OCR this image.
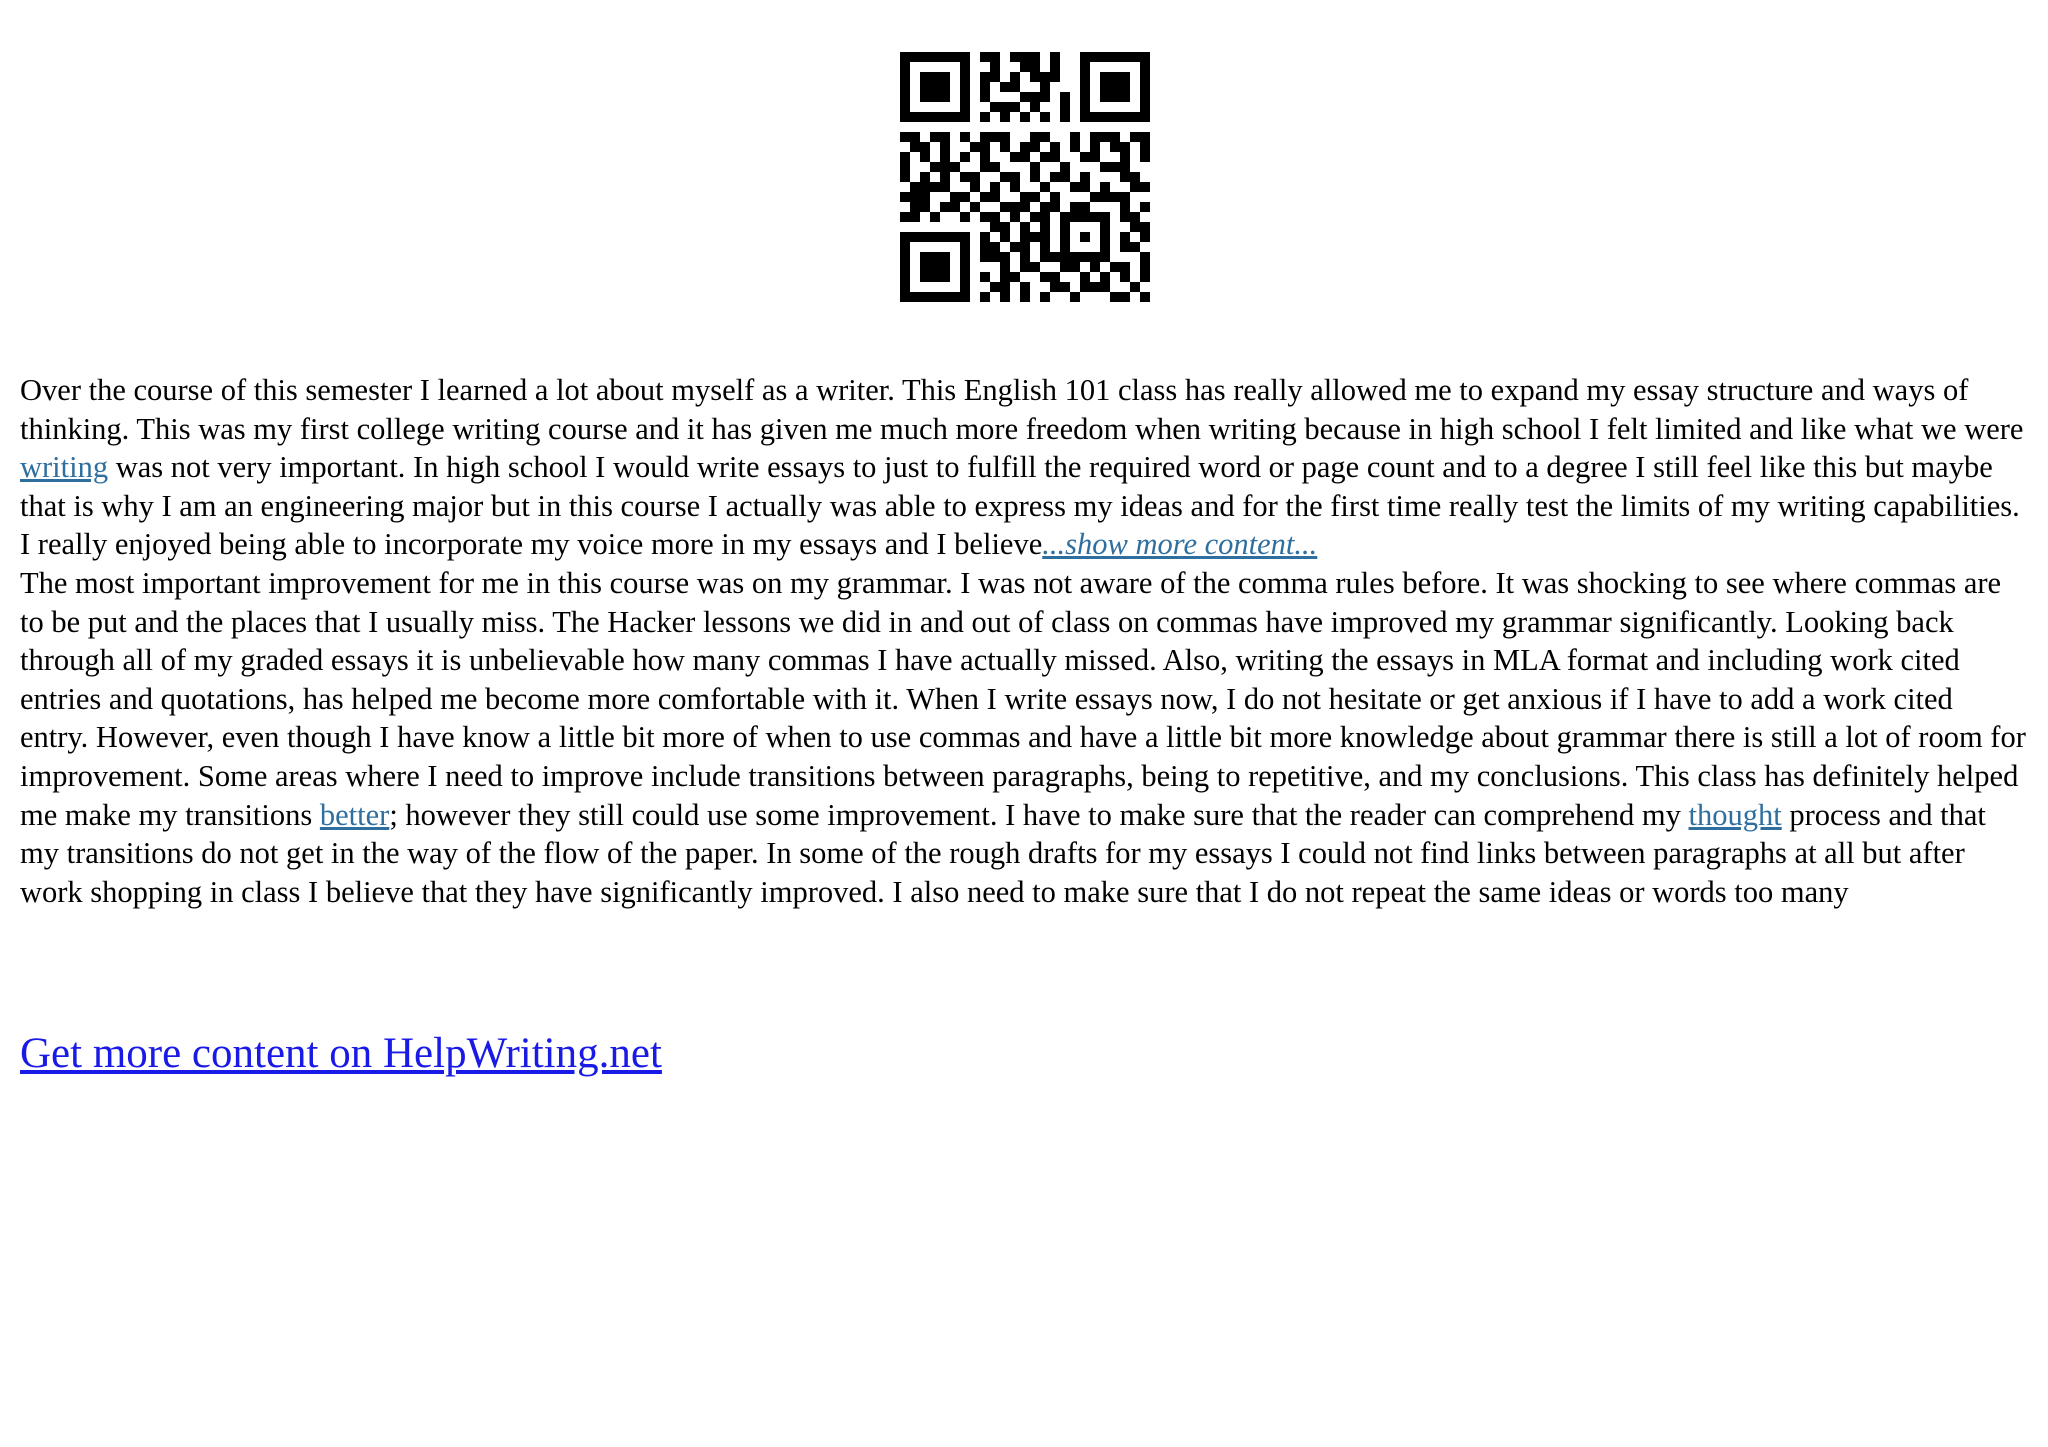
Over the course of this semester I learned a lot about myself as a writer. This English 101 class has really allowed me to expand my essay structure and ways of thinking. This was my first college writing course and it has given me much more freedom when writing because in high school I felt limited and like what we were writing was not very important. In high school I would write essays to just to fulfill the required word or page count and to a degree I still feel like this but maybe that is why I am an engineering major but in this course I actually was able to express my ideas and for the first time really test the limits of my writing capabilities. I really enjoyed being able to incorporate my voice more in my essays and I believe...show more content...

The most important improvement for me in this course was on my grammar. I was not aware of the comma rules before. It was shocking to see where commas are to be put and the places that I usually miss. The Hacker lessons we did in and out of class on commas have improved my grammar significantly. Looking back through all of my graded essays it is unbelievable how many commas I have actually missed. Also, writing the essays in MLA format and including work cited entries and quotations, has helped me become more comfortable with it. When I write essays now, I do not hesitate or get anxious if I have to add a work cited entry. However, even though I have know a little bit more of when to use commas and have a little bit more knowledge about grammar there is still a lot of room for improvement. Some areas where I need to improve include transitions between paragraphs, being to repetitive, and my conclusions. This class has definitely helped me make my transitions better; however they still could use some improvement. I have to make sure that the reader can comprehend my thought process and that my transitions do not get in the way of the flow of the paper. In some of the rough drafts for my essays I could not find links between paragraphs at all but after work shopping in class I believe that they have significantly improved. I also need to make sure that I do not repeat the same ideas or words too many

Get more content on HelpWriting.net
